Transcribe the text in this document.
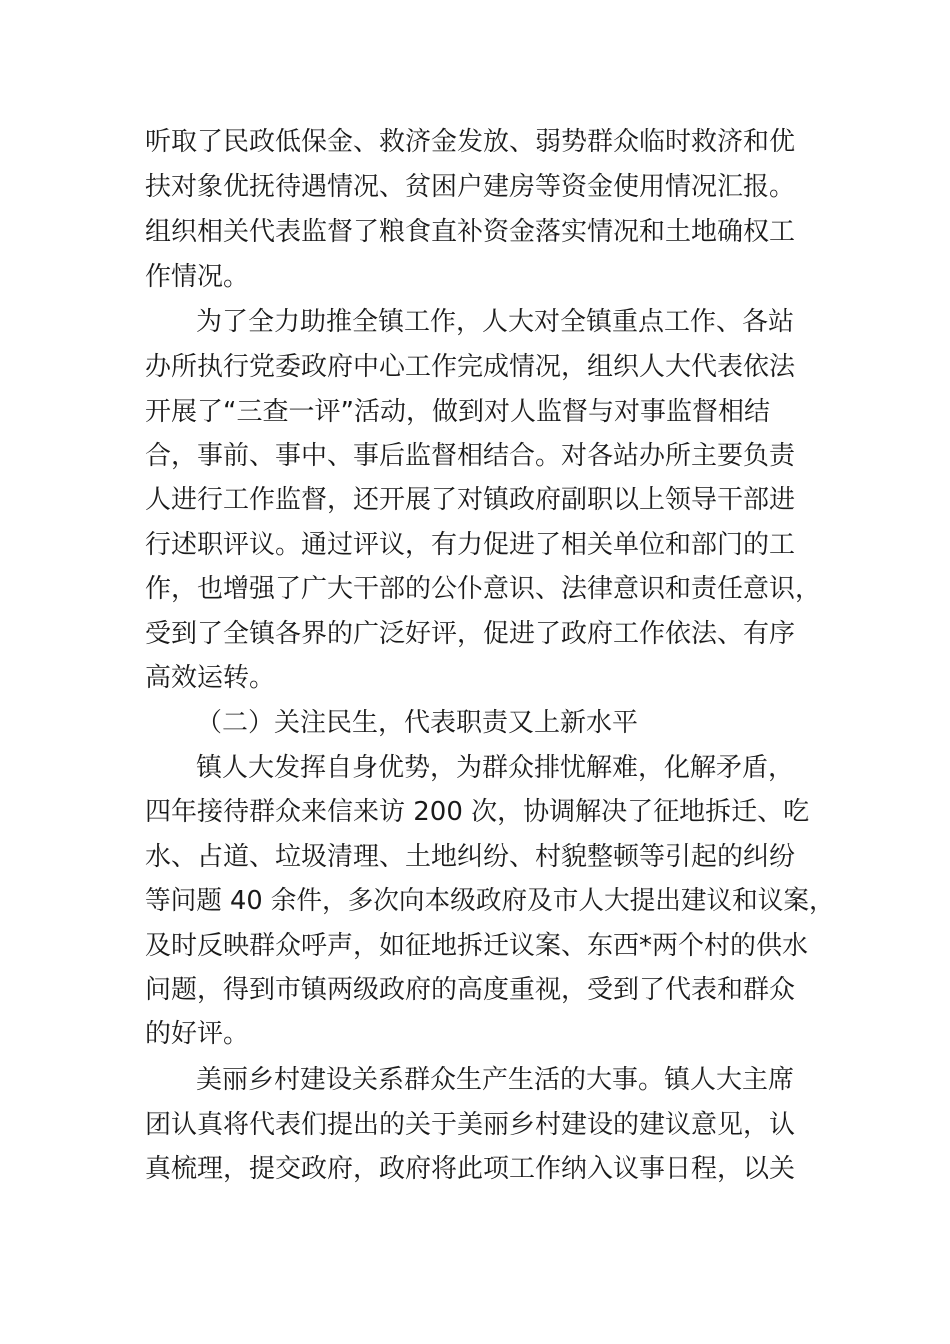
听取了民政低保金、救济金发放、弱势群众临时救济和优
扶对象优抚待遇情况、贫困户建房等资金使用情况汇报。
组织相关代表监督了粮食直补资金落实情况和土地确权工
作情况。
为了全力助推全镇工作，人大对全镇重点工作、各站
办所执行党委政府中心工作完成情况，组织人大代表依法
开展了“三查一评”活动，做到对人监督与对事监督相结
合，事前、事中、事后监督相结合。对各站办所主要负责
人进行工作监督，还开展了对镇政府副职以上领导干部进
行述职评议。通过评议，有力促进了相关单位和部门的工
作，也增强了广大干部的公仆意识、法律意识和责任意识，
受到了全镇各界的广泛好评，促进了政府工作依法、有序
高效运转。
（二）关注民生，代表职责又上新水平
镇人大发挥自身优势，为群众排忧解难，化解矛盾，
四年接待群众来信来访 200 次，协调解决了征地拆迁、吃
水、占道、垃圾清理、土地纠纷、村貌整顿等引起的纠纷
等问题 40 余件，多次向本级政府及市人大提出建议和议案，
及时反映群众呼声，如征地拆迁议案、东西*两个村的供水
问题，得到市镇两级政府的高度重视，受到了代表和群众
的好评。
美丽乡村建设关系群众生产生活的大事。镇人大主席
团认真将代表们提出的关于美丽乡村建设的建议意见，认
真梳理，提交政府，政府将此项工作纳入议事日程，以关
